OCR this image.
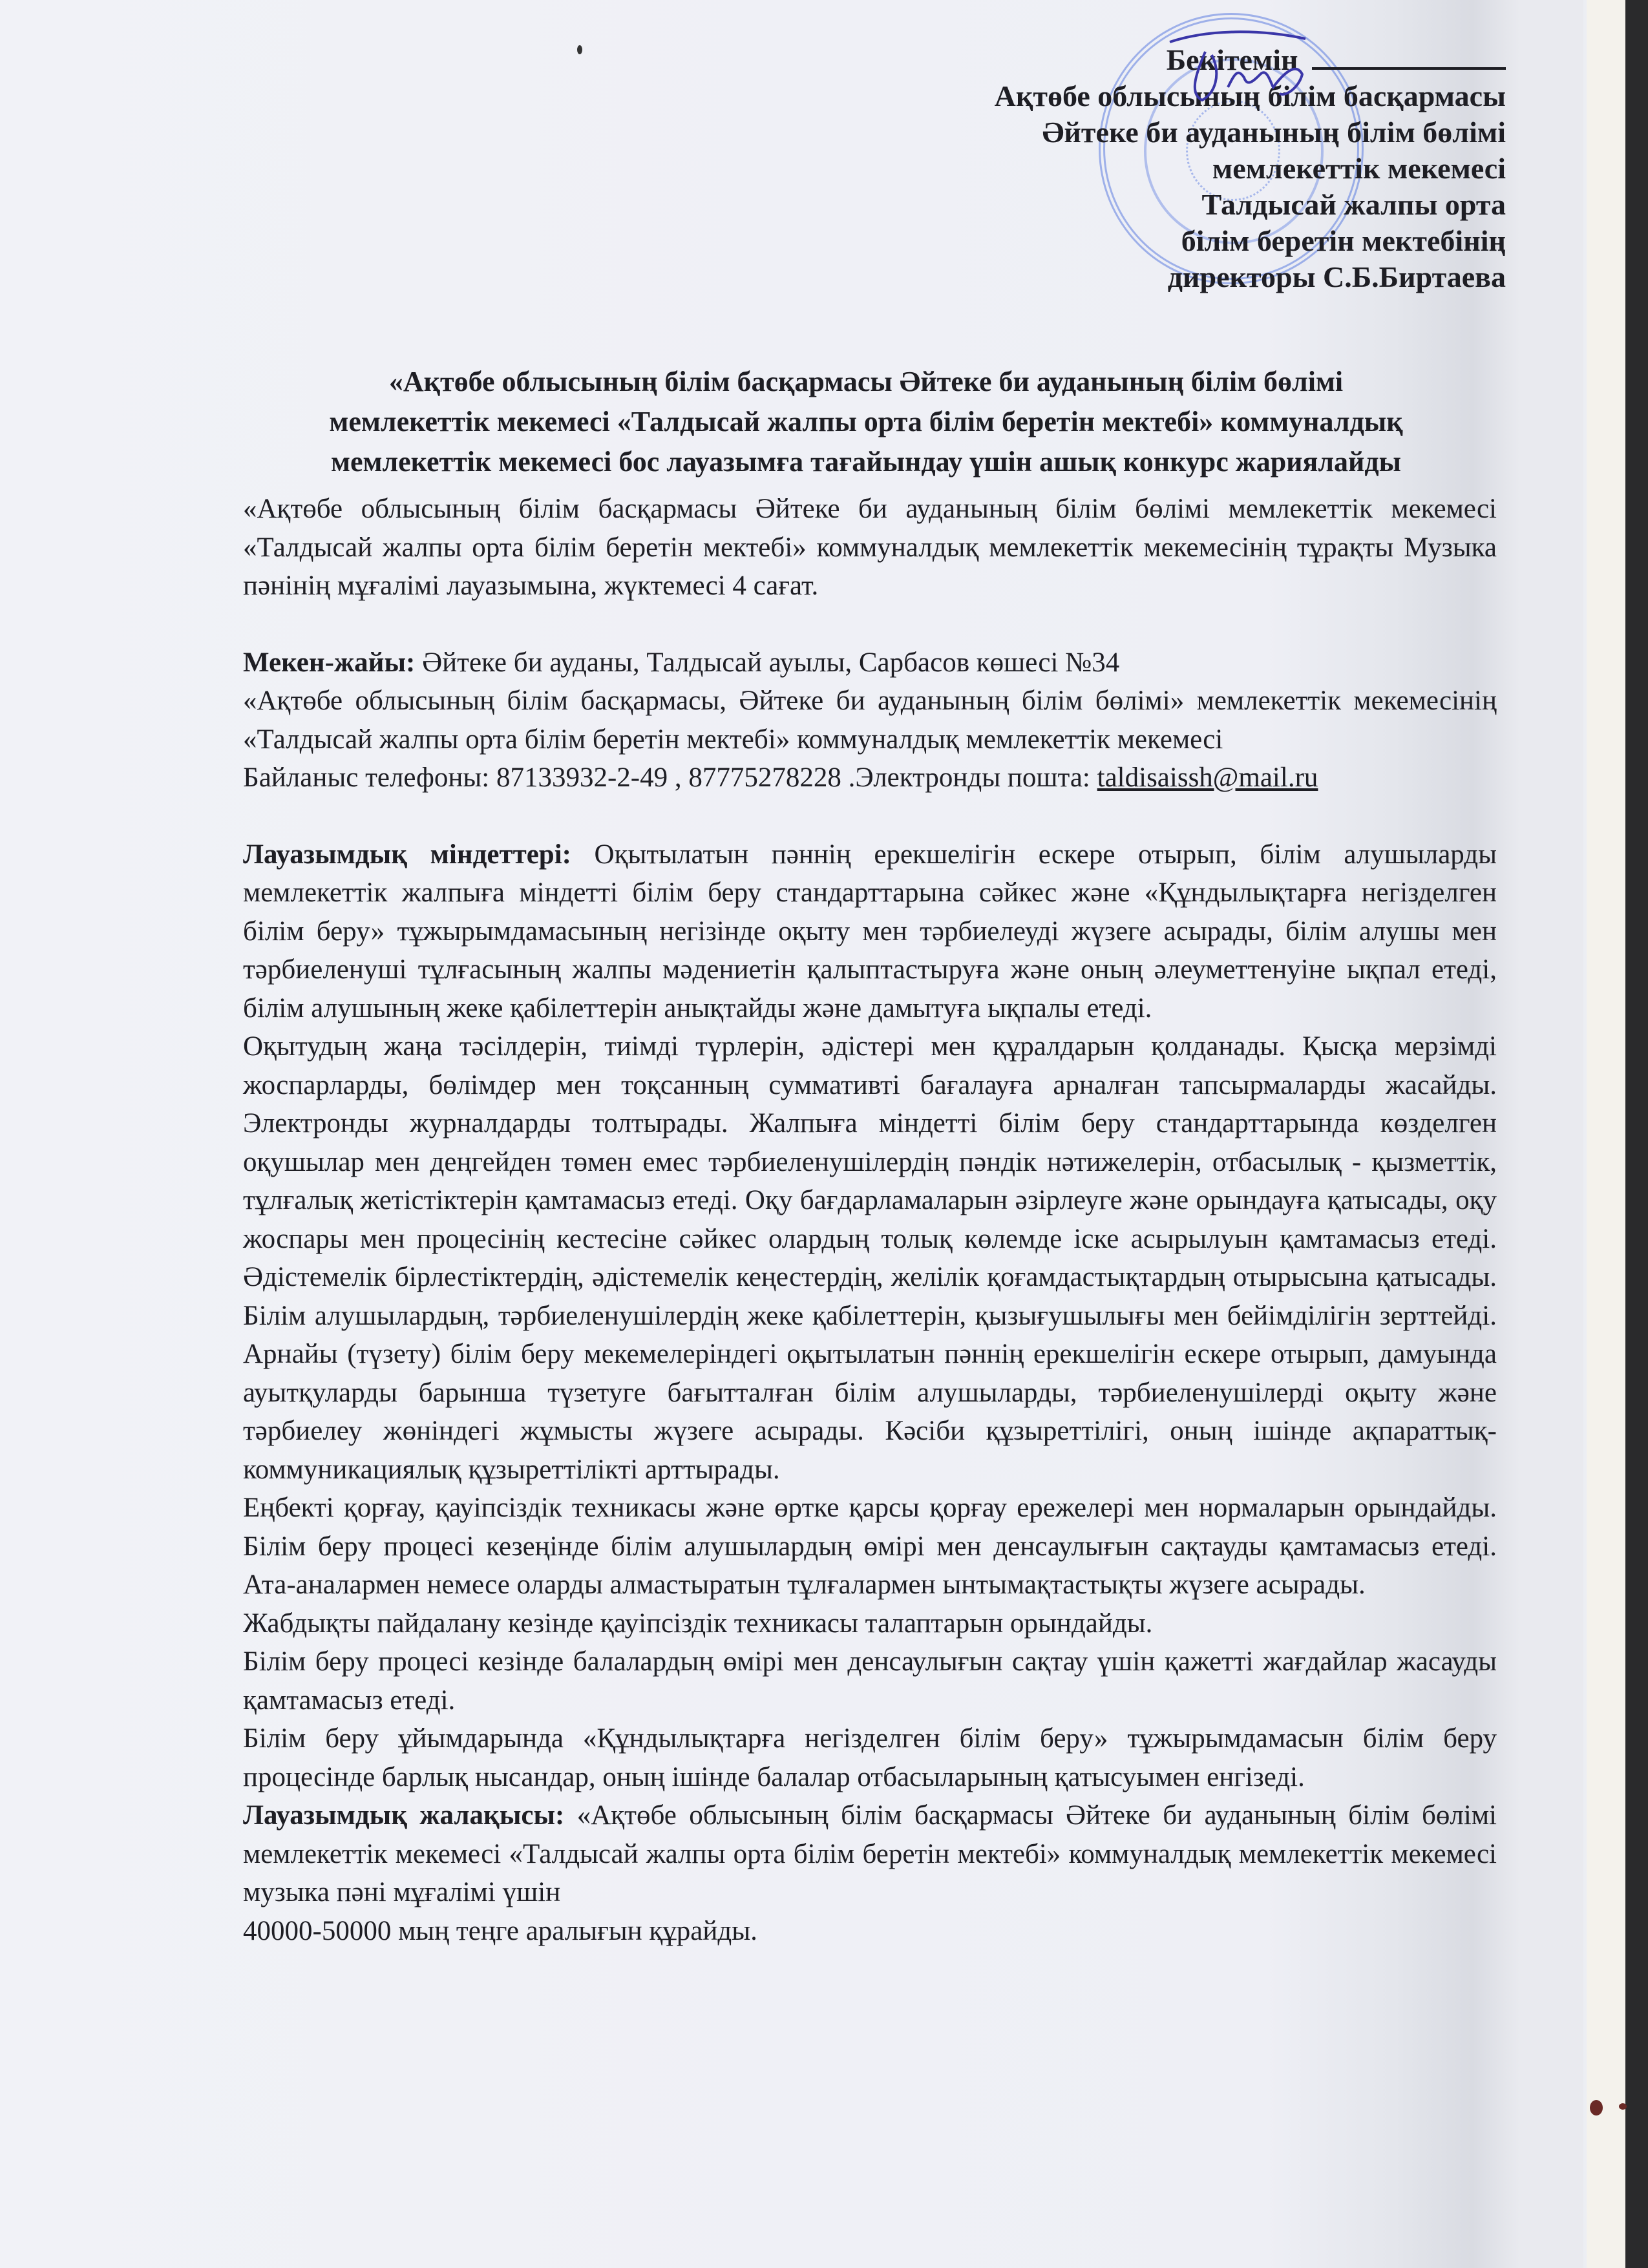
Бекітемін
Ақтөбе облысының білім басқармасы
Әйтеке би ауданының білім бөлімі
мемлекеттік мекемесі
Талдысай жалпы орта
білім беретін мектебінің
директоры С.Б.Биртаева
«Ақтөбе облысының білім басқармасы Әйтеке би ауданының білім бөлімі
мемлекеттік мекемесі «Талдысай жалпы орта білім беретін мектебі» коммуналдық
мемлекеттік мекемесі бос лауазымға тағайындау үшін ашық конкурс жариялайды

«Ақтөбе облысының білім басқармасы Әйтеке би ауданының білім бөлімі мемлекеттік мекемесі «Талдысай жалпы орта білім беретін мектебі» коммуналдық мемлекеттік мекемесінің тұрақты Музыка пәнінің мұғалімі лауазымына, жүктемесі 4 сағат.

Мекен-жайы: Әйтеке би ауданы, Талдысай ауылы, Сарбасов көшесі №34

«Ақтөбе облысының білім басқармасы, Әйтеке би ауданының білім бөлімі» мемлекеттік мекемесінің «Талдысай жалпы орта білім беретін мектебі» коммуналдық мемлекеттік мекемесі

Байланыс телефоны: 87133932-2-49 , 87775278228 .Электронды пошта: taldisaissh@mail.ru

Лауазымдық міндеттері: Оқытылатын пәннің ерекшелігін ескере отырып, білім алушыларды мемлекеттік жалпыға міндетті білім беру стандарттарына сәйкес және «Құндылықтарға негізделген білім беру» тұжырымдамасының негізінде оқыту мен тәрбиелеуді жүзеге асырады, білім алушы мен тәрбиеленуші тұлғасының жалпы мәдениетін қалыптастыруға және оның әлеуметтенуіне ықпал етеді, білім алушының жеке қабілеттерін анықтайды және дамытуға ықпалы етеді.

Оқытудың жаңа тәсілдерін, тиімді түрлерін, әдістері мен құралдарын қолданады. Қысқа мерзімді жоспарларды, бөлімдер мен тоқсанның суммативті бағалауға арналған тапсырмаларды жасайды. Электронды журналдарды толтырады. Жалпыға міндетті білім беру стандарттарында көзделген оқушылар мен деңгейден төмен емес тәрбиеленушілердің пәндік нәтижелерін, отбасылық - қызметтік, тұлғалық жетістіктерін қамтамасыз етеді. Оқу бағдарламаларын әзірлеуге және орындауға қатысады, оқу жоспары мен процесінің кестесіне сәйкес олардың толық көлемде іске асырылуын қамтамасыз етеді. Әдістемелік бірлестіктердің, әдістемелік кеңестердің, желілік қоғамдастықтардың отырысына қатысады. Білім алушылардың, тәрбиеленушілердің жеке қабілеттерін, қызығушылығы мен бейімділігін зерттейді. Арнайы (түзету) білім беру мекемелеріндегі оқытылатын пәннің ерекшелігін ескере отырып, дамуында ауытқуларды барынша түзетуге бағытталған білім алушыларды, тәрбиеленушілерді оқыту және тәрбиелеу жөніндегі жұмысты жүзеге асырады. Кәсіби құзыреттілігі, оның ішінде ақпараттық-коммуникациялық құзыреттілікті арттырады.

Еңбекті қорғау, қауіпсіздік техникасы және өртке қарсы қорғау ережелері мен нормаларын орындайды. Білім беру процесі кезеңінде білім алушылардың өмірі мен денсаулығын сақтауды қамтамасыз етеді. Ата-аналармен немесе оларды алмастыратын тұлғалармен ынтымақтастықты жүзеге асырады.

Жабдықты пайдалану кезінде қауіпсіздік техникасы талаптарын орындайды.

Білім беру процесі кезінде балалардың өмірі мен денсаулығын сақтау үшін қажетті жағдайлар жасауды қамтамасыз етеді.

Білім беру ұйымдарында «Құндылықтарға негізделген білім беру» тұжырымдамасын білім беру процесінде барлық нысандар, оның ішінде балалар отбасыларының қатысуымен енгізеді.

Лауазымдық жалақысы: «Ақтөбе облысының білім басқармасы Әйтеке би ауданының білім бөлімі мемлекеттік мекемесі «Талдысай жалпы орта білім беретін мектебі» коммуналдық мемлекеттік мекемесі музыка пәні мұғалімі үшін

40000-50000 мың теңге аралығын құрайды.
